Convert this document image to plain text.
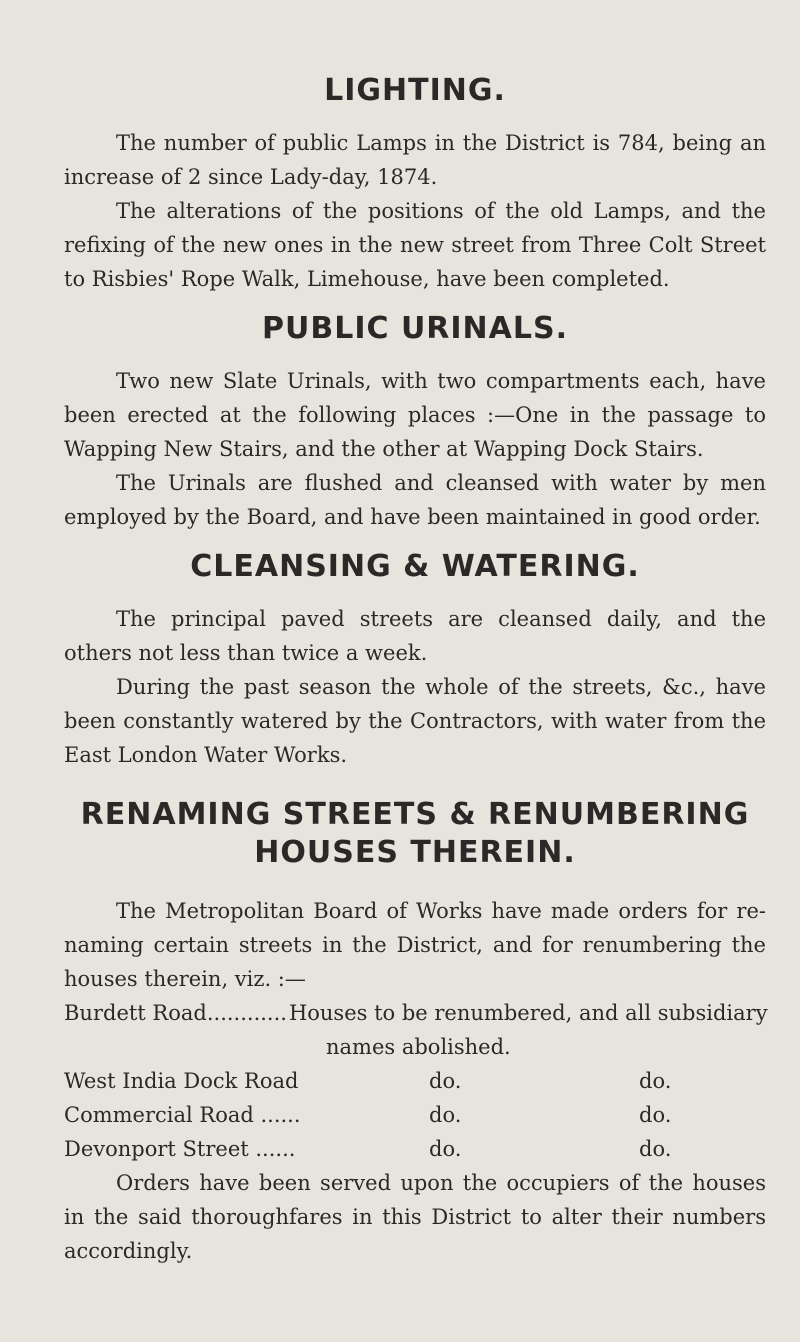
LIGHTING.

The number of public Lamps in the District is 784, being an increase of 2 since Lady-day, 1874.

The alterations of the positions of the old Lamps, and the refixing of the new ones in the new street from Three Colt Street to Risbies' Rope Walk, Limehouse, have been completed.

PUBLIC URINALS.

Two new Slate Urinals, with two compartments each, have been erected at the following places :—One in the passage to Wapping New Stairs, and the other at Wapping Dock Stairs.

The Urinals are flushed and cleansed with water by men employed by the Board, and have been maintained in good order.

CLEANSING & WATERING.

The principal paved streets are cleansed daily, and the others not less than twice a week.

During the past season the whole of the streets, &c., have been constantly watered by the Contractors, with water from the East London Water Works.

RENAMING STREETS & RENUMBERING
HOUSES THEREIN.

The Metropolitan Board of Works have made orders for re-naming certain streets in the District, and for renumbering the houses therein, viz. :—

Burdett Road............ Houses to be renumbered, and all subsidiary
names abolished.
West India Dock Road	do.	do.
Commercial Road ......	do.	do.
Devonport Street ......	do.	do.

Orders have been served upon the occupiers of the houses in the said thoroughfares in this District to alter their numbers accordingly.
